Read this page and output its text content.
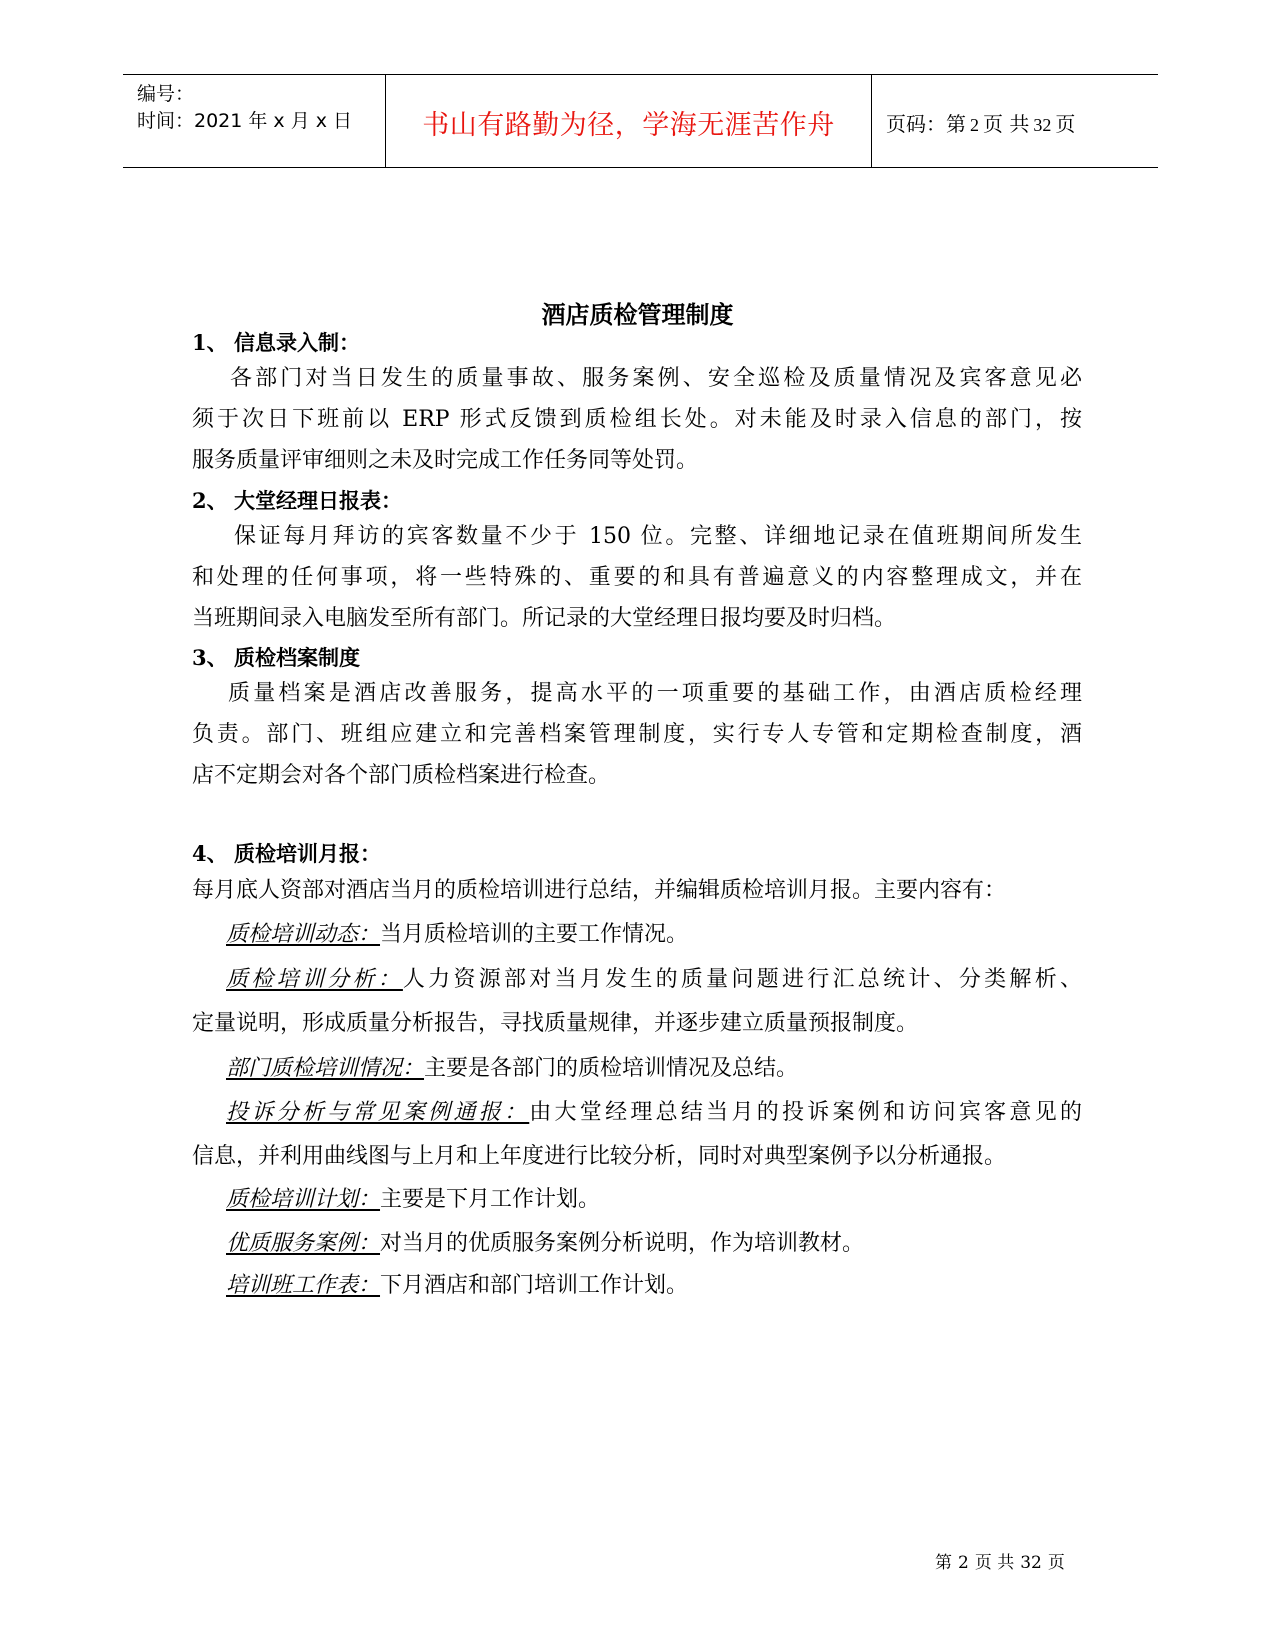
编号：
时间：2021 年 x 月 x 日	书山有路勤为径，学海无涯苦作舟	页码：第 2 页 共 32 页
酒店质检管理制度
1、 信息录入制：
各部门对当日发生的质量事故、服务案例、安全巡检及质量情况及宾客意见必
须于次日下班前以 ERP 形式反馈到质检组长处。对未能及时录入信息的部门，按
服务质量评审细则之未及时完成工作任务同等处罚。
2、 大堂经理日报表：
保证每月拜访的宾客数量不少于 150 位。完整、详细地记录在值班期间所发生
和处理的任何事项，将一些特殊的、重要的和具有普遍意义的内容整理成文，并在
当班期间录入电脑发至所有部门。所记录的大堂经理日报均要及时归档。
3、 质检档案制度
质量档案是酒店改善服务，提高水平的一项重要的基础工作，由酒店质检经理
负责。部门、班组应建立和完善档案管理制度，实行专人专管和定期检查制度，酒
店不定期会对各个部门质检档案进行检查。
4、 质检培训月报：
每月底人资部对酒店当月的质检培训进行总结，并编辑质检培训月报。主要内容有：
质检培训动态：当月质检培训的主要工作情况。
质检培训分析：人力资源部对当月发生的质量问题进行汇总统计、分类解析、
定量说明，形成质量分析报告，寻找质量规律，并逐步建立质量预报制度。
部门质检培训情况：主要是各部门的质检培训情况及总结。
投诉分析与常见案例通报：由大堂经理总结当月的投诉案例和访问宾客意见的
信息，并利用曲线图与上月和上年度进行比较分析，同时对典型案例予以分析通报。
质检培训计划：主要是下月工作计划。
优质服务案例：对当月的优质服务案例分析说明，作为培训教材。
培训班工作表：下月酒店和部门培训工作计划。
第 2 页 共 32 页
